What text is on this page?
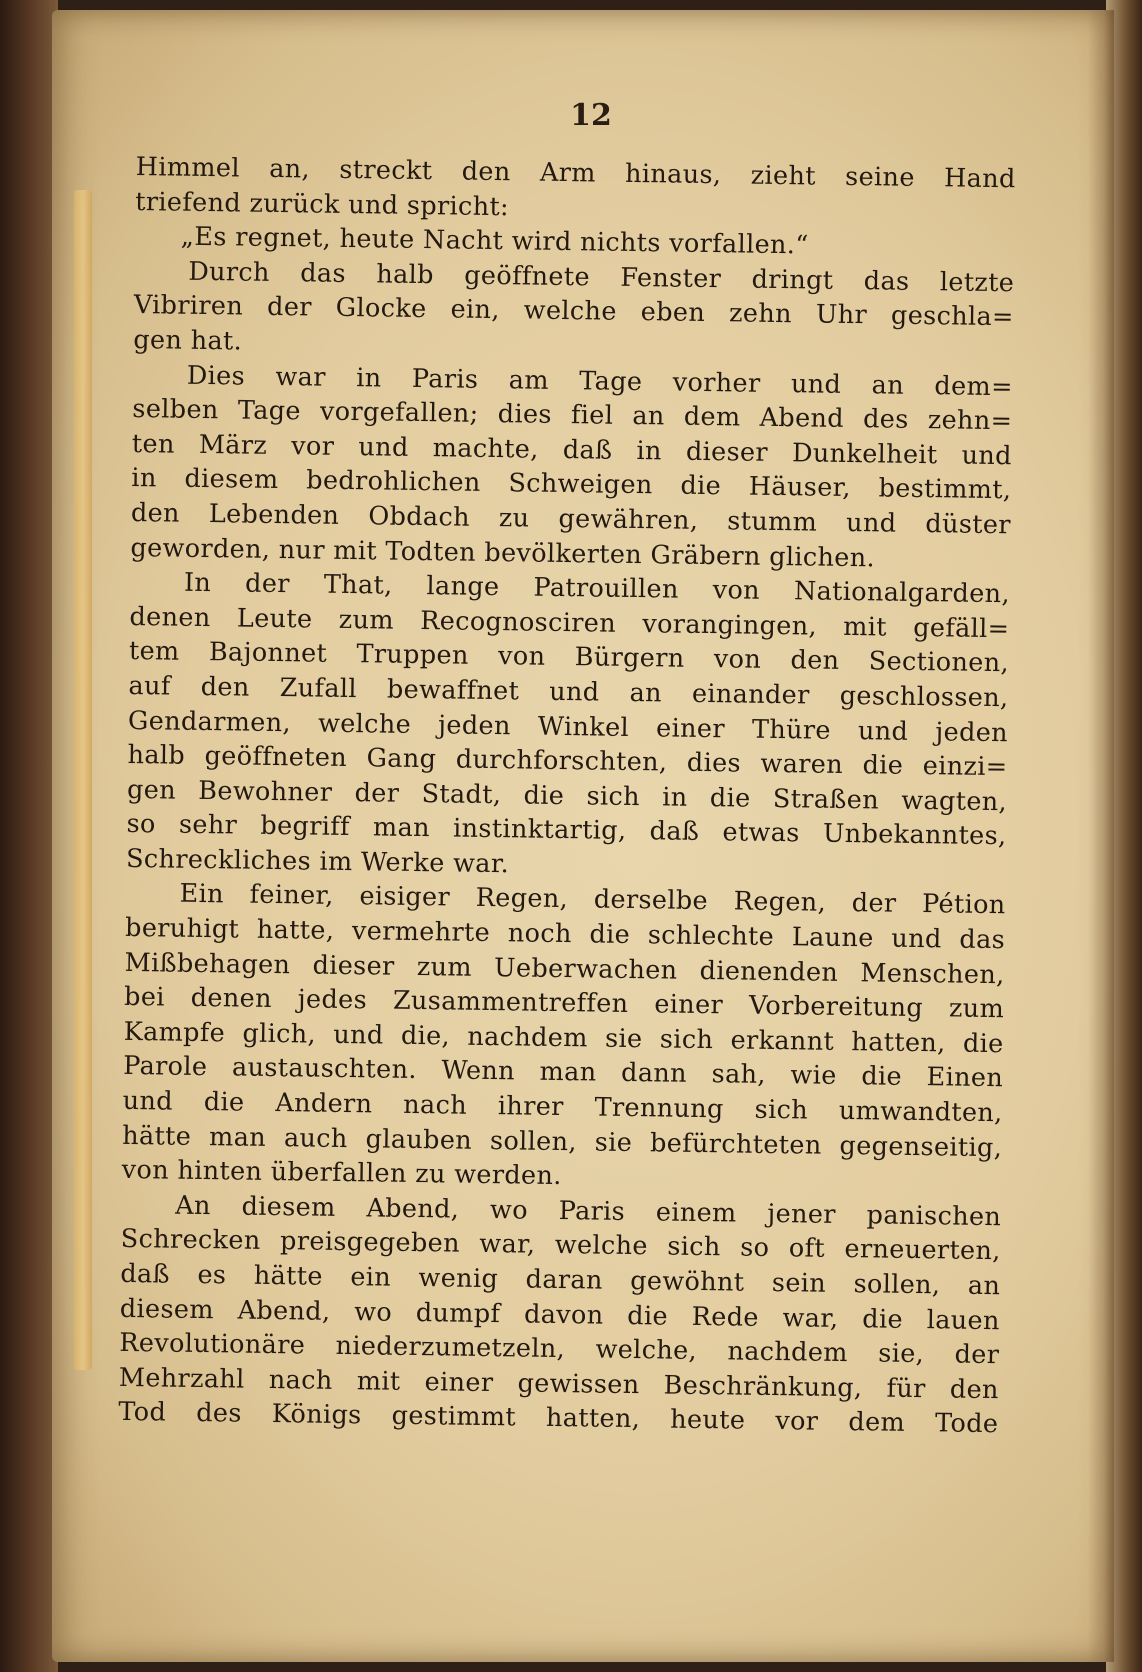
12
Himmel an, streckt den Arm hinaus, zieht seine Hand
triefend zurück und spricht:
„Es regnet, heute Nacht wird nichts vorfallen.“
Durch das halb geöffnete Fenster dringt das letzte
Vibriren der Glocke ein, welche eben zehn Uhr geschla=
gen hat.
Dies war in Paris am Tage vorher und an dem=
selben Tage vorgefallen; dies fiel an dem Abend des zehn=
ten März vor und machte, daß in dieser Dunkelheit und
in diesem bedrohlichen Schweigen die Häuser, bestimmt,
den Lebenden Obdach zu gewähren, stumm und düster
geworden, nur mit Todten bevölkerten Gräbern glichen.
In der That, lange Patrouillen von Nationalgarden,
denen Leute zum Recognosciren vorangingen, mit gefäll=
tem Bajonnet Truppen von Bürgern von den Sectionen,
auf den Zufall bewaffnet und an einander geschlossen,
Gendarmen, welche jeden Winkel einer Thüre und jeden
halb geöffneten Gang durchforschten, dies waren die einzi=
gen Bewohner der Stadt, die sich in die Straßen wagten,
so sehr begriff man instinktartig, daß etwas Unbekanntes,
Schreckliches im Werke war.
Ein feiner, eisiger Regen, derselbe Regen, der Pétion
beruhigt hatte, vermehrte noch die schlechte Laune und das
Mißbehagen dieser zum Ueberwachen dienenden Menschen,
bei denen jedes Zusammentreffen einer Vorbereitung zum
Kampfe glich, und die, nachdem sie sich erkannt hatten, die
Parole austauschten. Wenn man dann sah, wie die Einen
und die Andern nach ihrer Trennung sich umwandten,
hätte man auch glauben sollen, sie befürchteten gegenseitig,
von hinten überfallen zu werden.
An diesem Abend, wo Paris einem jener panischen
Schrecken preisgegeben war, welche sich so oft erneuerten,
daß es hätte ein wenig daran gewöhnt sein sollen, an
diesem Abend, wo dumpf davon die Rede war, die lauen
Revolutionäre niederzumetzeln, welche, nachdem sie, der
Mehrzahl nach mit einer gewissen Beschränkung, für den
Tod des Königs gestimmt hatten, heute vor dem Tode
